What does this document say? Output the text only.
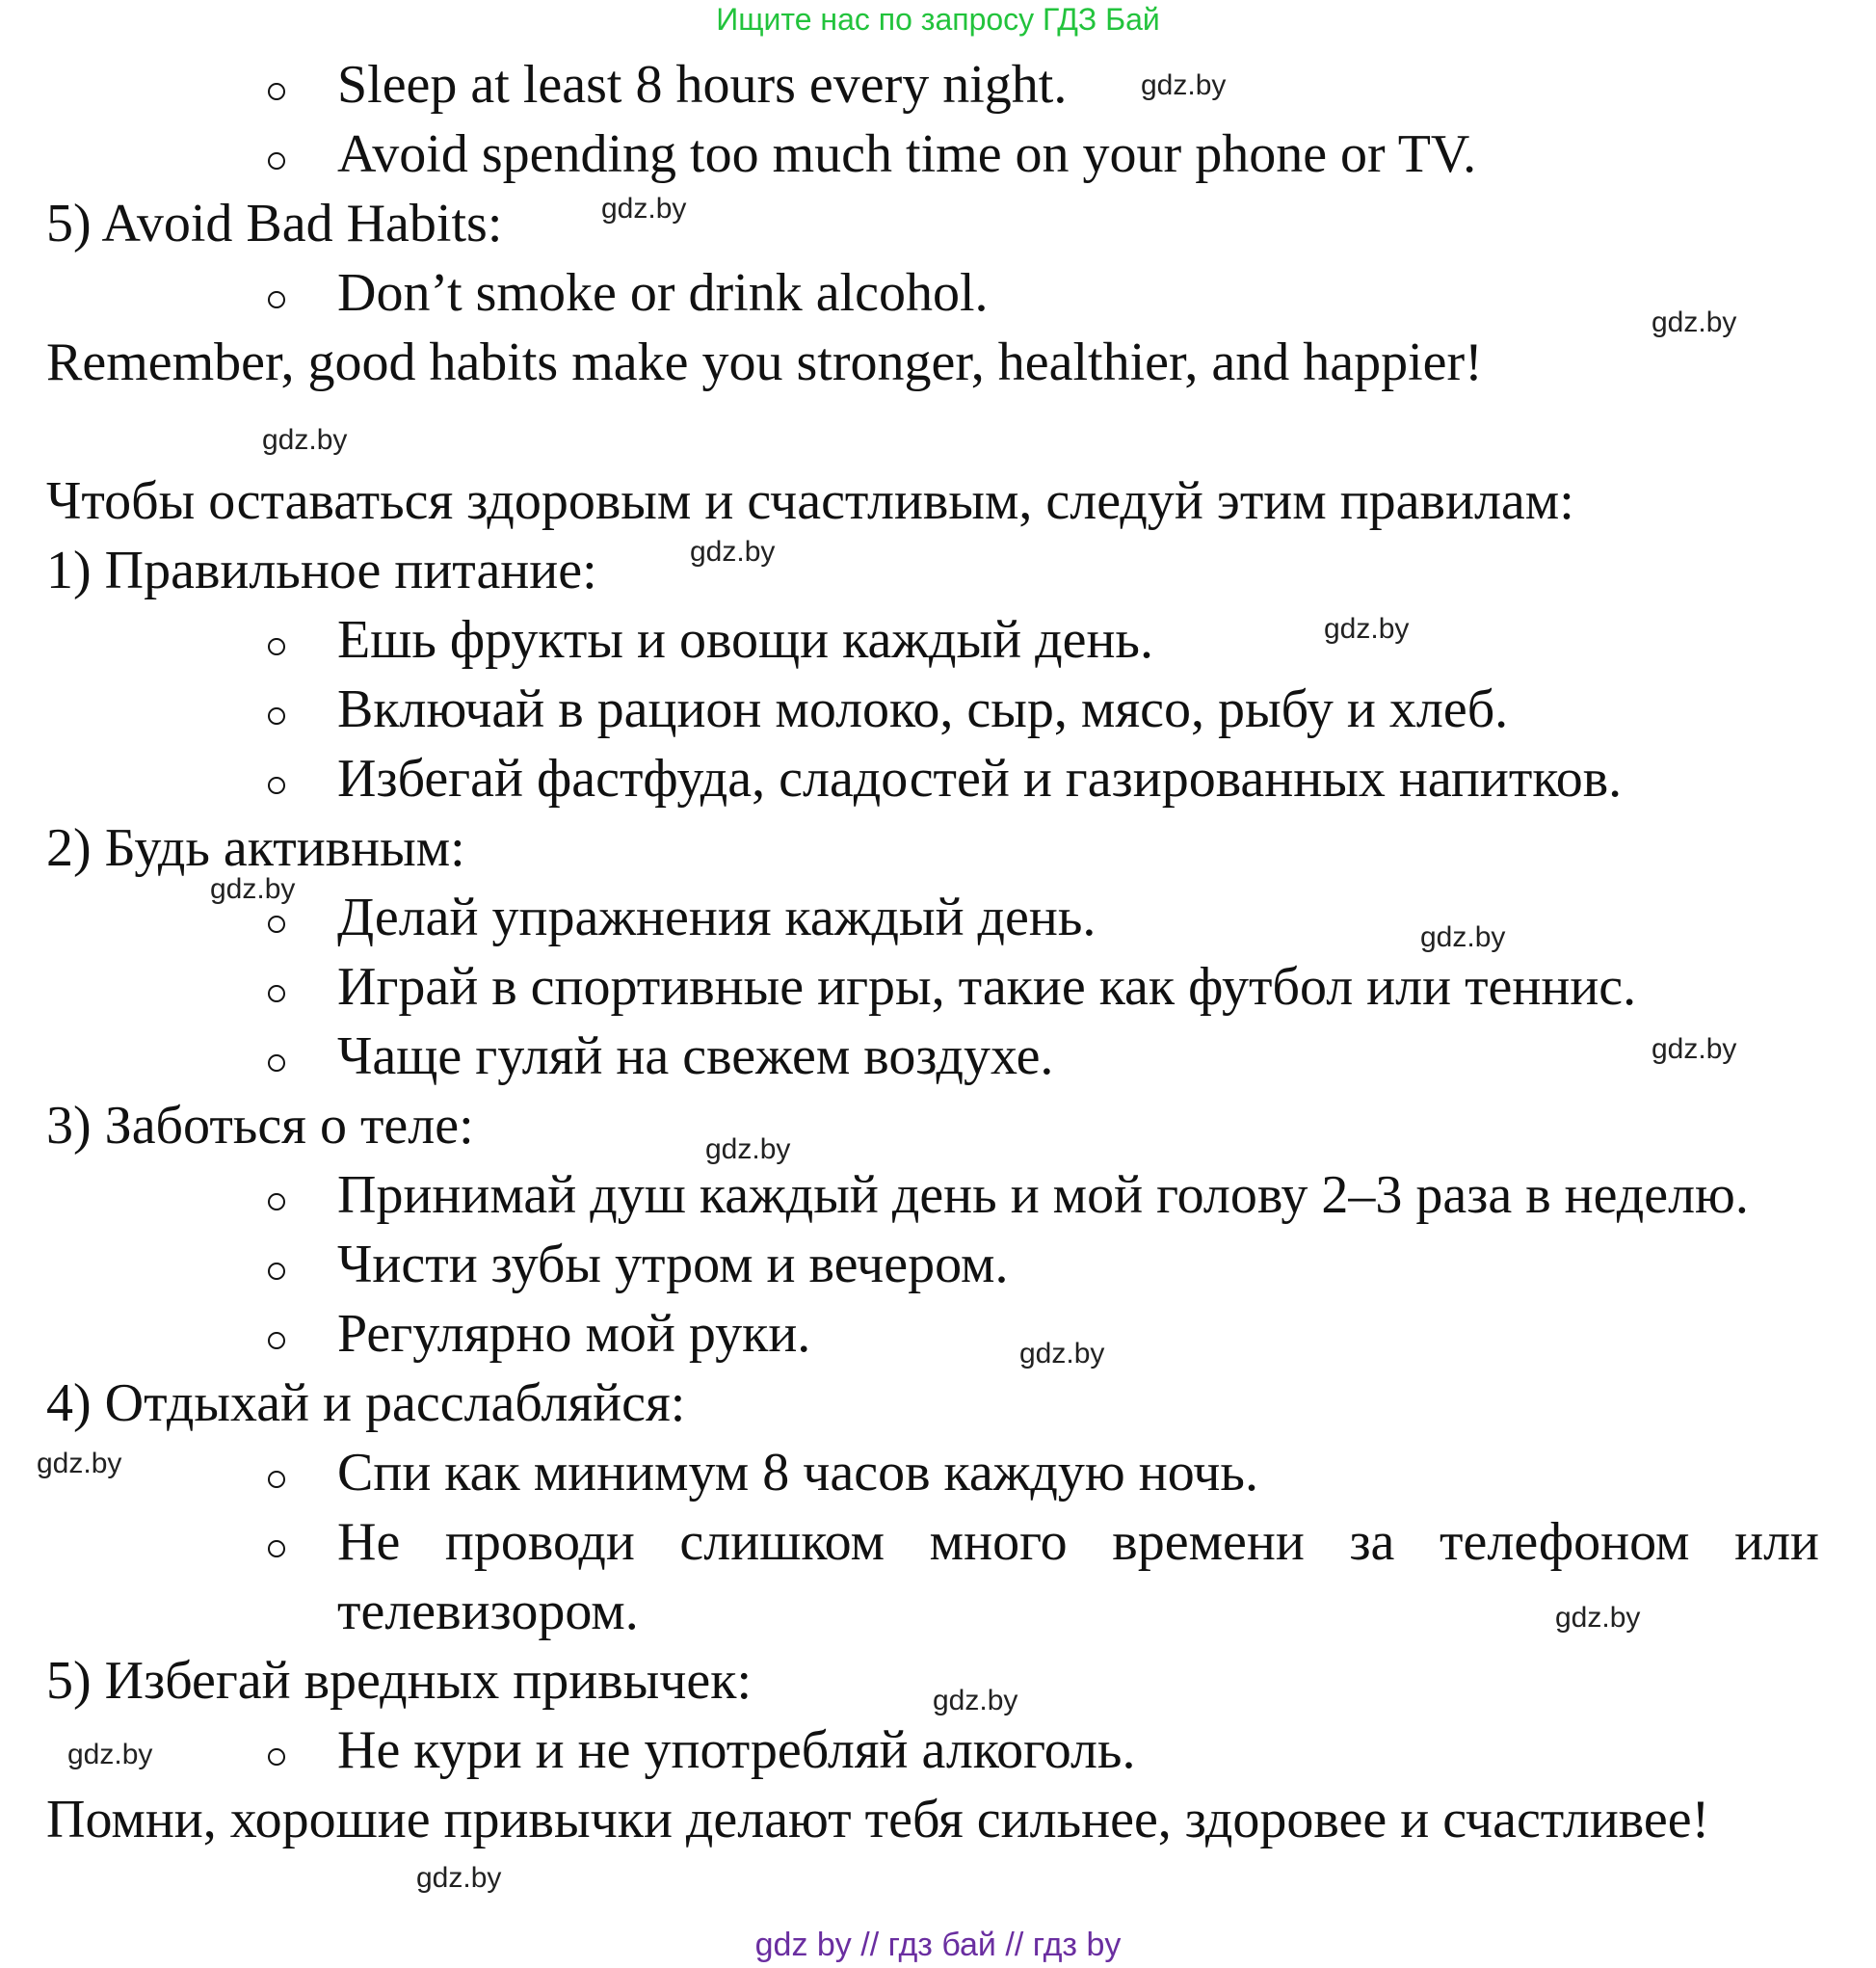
Ищите нас по запросу ГДЗ Бай
Sleep at least 8 hours every night.
Avoid spending too much time on your phone or TV.
5) Avoid Bad Habits:
Don’t smoke or drink alcohol.
Remember, good habits make you stronger, healthier, and happier!
Чтобы оставаться здоровым и счастливым, следуй этим правилам:
1) Правильное питание:
Ешь фрукты и овощи каждый день.
Включай в рацион молоко, сыр, мясо, рыбу и хлеб.
Избегай фастфуда, сладостей и газированных напитков.
2) Будь активным:
Делай упражнения каждый день.
Играй в спортивные игры, такие как футбол или теннис.
Чаще гуляй на свежем воздухе.
3) Заботься о теле:
Принимай душ каждый день и мой голову 2–3 раза в неделю.
Чисти зубы утром и вечером.
Регулярно мой руки.
4) Отдыхай и расслабляйся:
Спи как минимум 8 часов каждую ночь.
Не проводи слишком много времени за телефоном или
телевизором.
5) Избегай вредных привычек:
Не кури и не употребляй алкоголь.
Помни, хорошие привычки делают тебя сильнее, здоровее и счастливее!
gdz.by
gdz.by
gdz.by
gdz.by
gdz.by
gdz.by
gdz.by
gdz.by
gdz.by
gdz.by
gdz.by
gdz.by
gdz.by
gdz.by
gdz.by
gdz.by
gdz by // гдз бай // гдз by
